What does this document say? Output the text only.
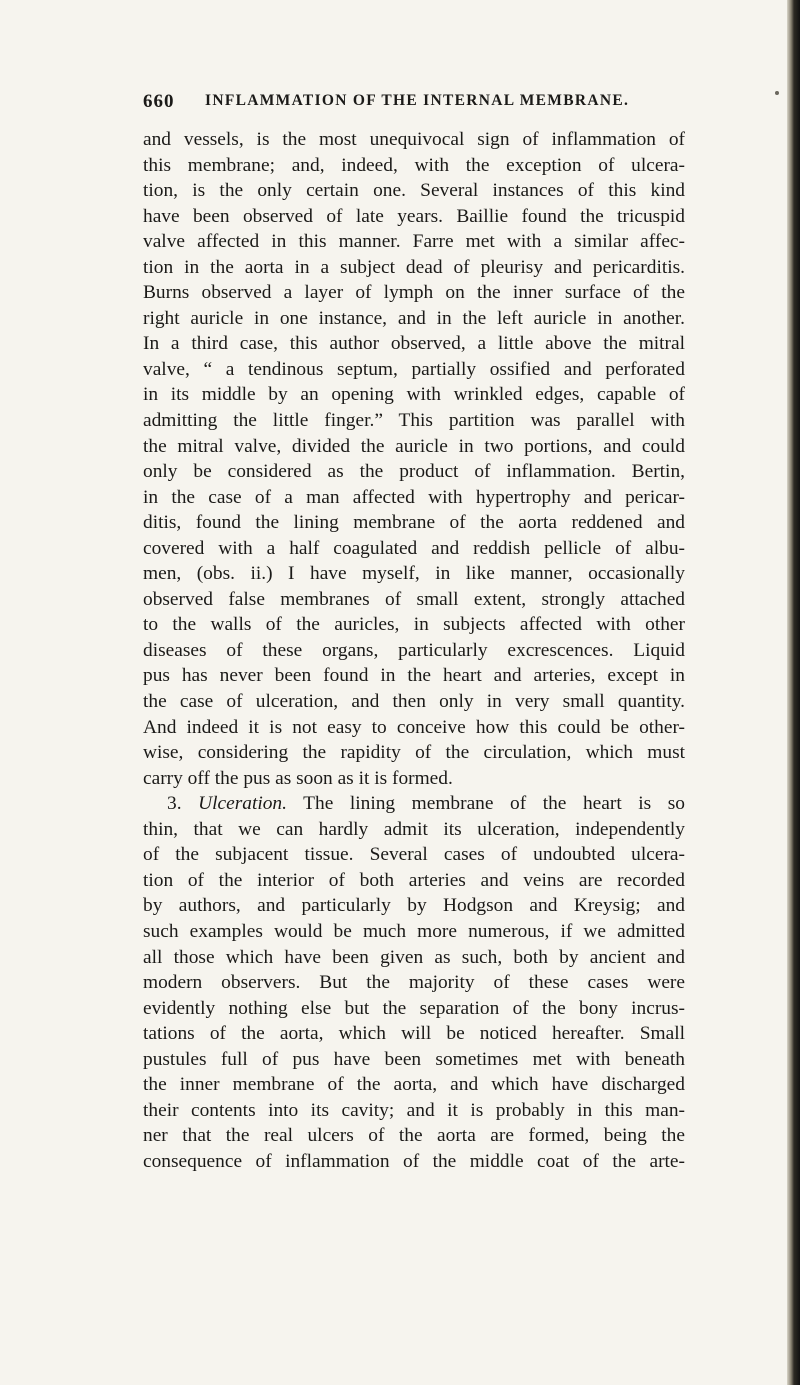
660 INFLAMMATION OF THE INTERNAL MEMBRANE.
and vessels, is the most unequivocal sign of inflammation of
this membrane; and, indeed, with the exception of ulcera-
tion, is the only certain one. Several instances of this kind
have been observed of late years. Baillie found the tricuspid
valve affected in this manner. Farre met with a similar affec-
tion in the aorta in a subject dead of pleurisy and pericarditis.
Burns observed a layer of lymph on the inner surface of the
right auricle in one instance, and in the left auricle in another.
In a third case, this author observed, a little above the mitral
valve, “ a tendinous septum, partially ossified and perforated
in its middle by an opening with wrinkled edges, capable of
admitting the little finger.” This partition was parallel with
the mitral valve, divided the auricle in two portions, and could
only be considered as the product of inflammation. Bertin,
in the case of a man affected with hypertrophy and pericar-
ditis, found the lining membrane of the aorta reddened and
covered with a half coagulated and reddish pellicle of albu-
men, (obs. ii.) I have myself, in like manner, occasionally
observed false membranes of small extent, strongly attached
to the walls of the auricles, in subjects affected with other
diseases of these organs, particularly excrescences. Liquid
pus has never been found in the heart and arteries, except in
the case of ulceration, and then only in very small quantity.
And indeed it is not easy to conceive how this could be other-
wise, considering the rapidity of the circulation, which must
carry off the pus as soon as it is formed.
3. Ulceration. The lining membrane of the heart is so
thin, that we can hardly admit its ulceration, independently
of the subjacent tissue. Several cases of undoubted ulcera-
tion of the interior of both arteries and veins are recorded
by authors, and particularly by Hodgson and Kreysig; and
such examples would be much more numerous, if we admitted
all those which have been given as such, both by ancient and
modern observers. But the majority of these cases were
evidently nothing else but the separation of the bony incrus-
tations of the aorta, which will be noticed hereafter. Small
pustules full of pus have been sometimes met with beneath
the inner membrane of the aorta, and which have discharged
their contents into its cavity; and it is probably in this man-
ner that the real ulcers of the aorta are formed, being the
consequence of inflammation of the middle coat of the arte-
